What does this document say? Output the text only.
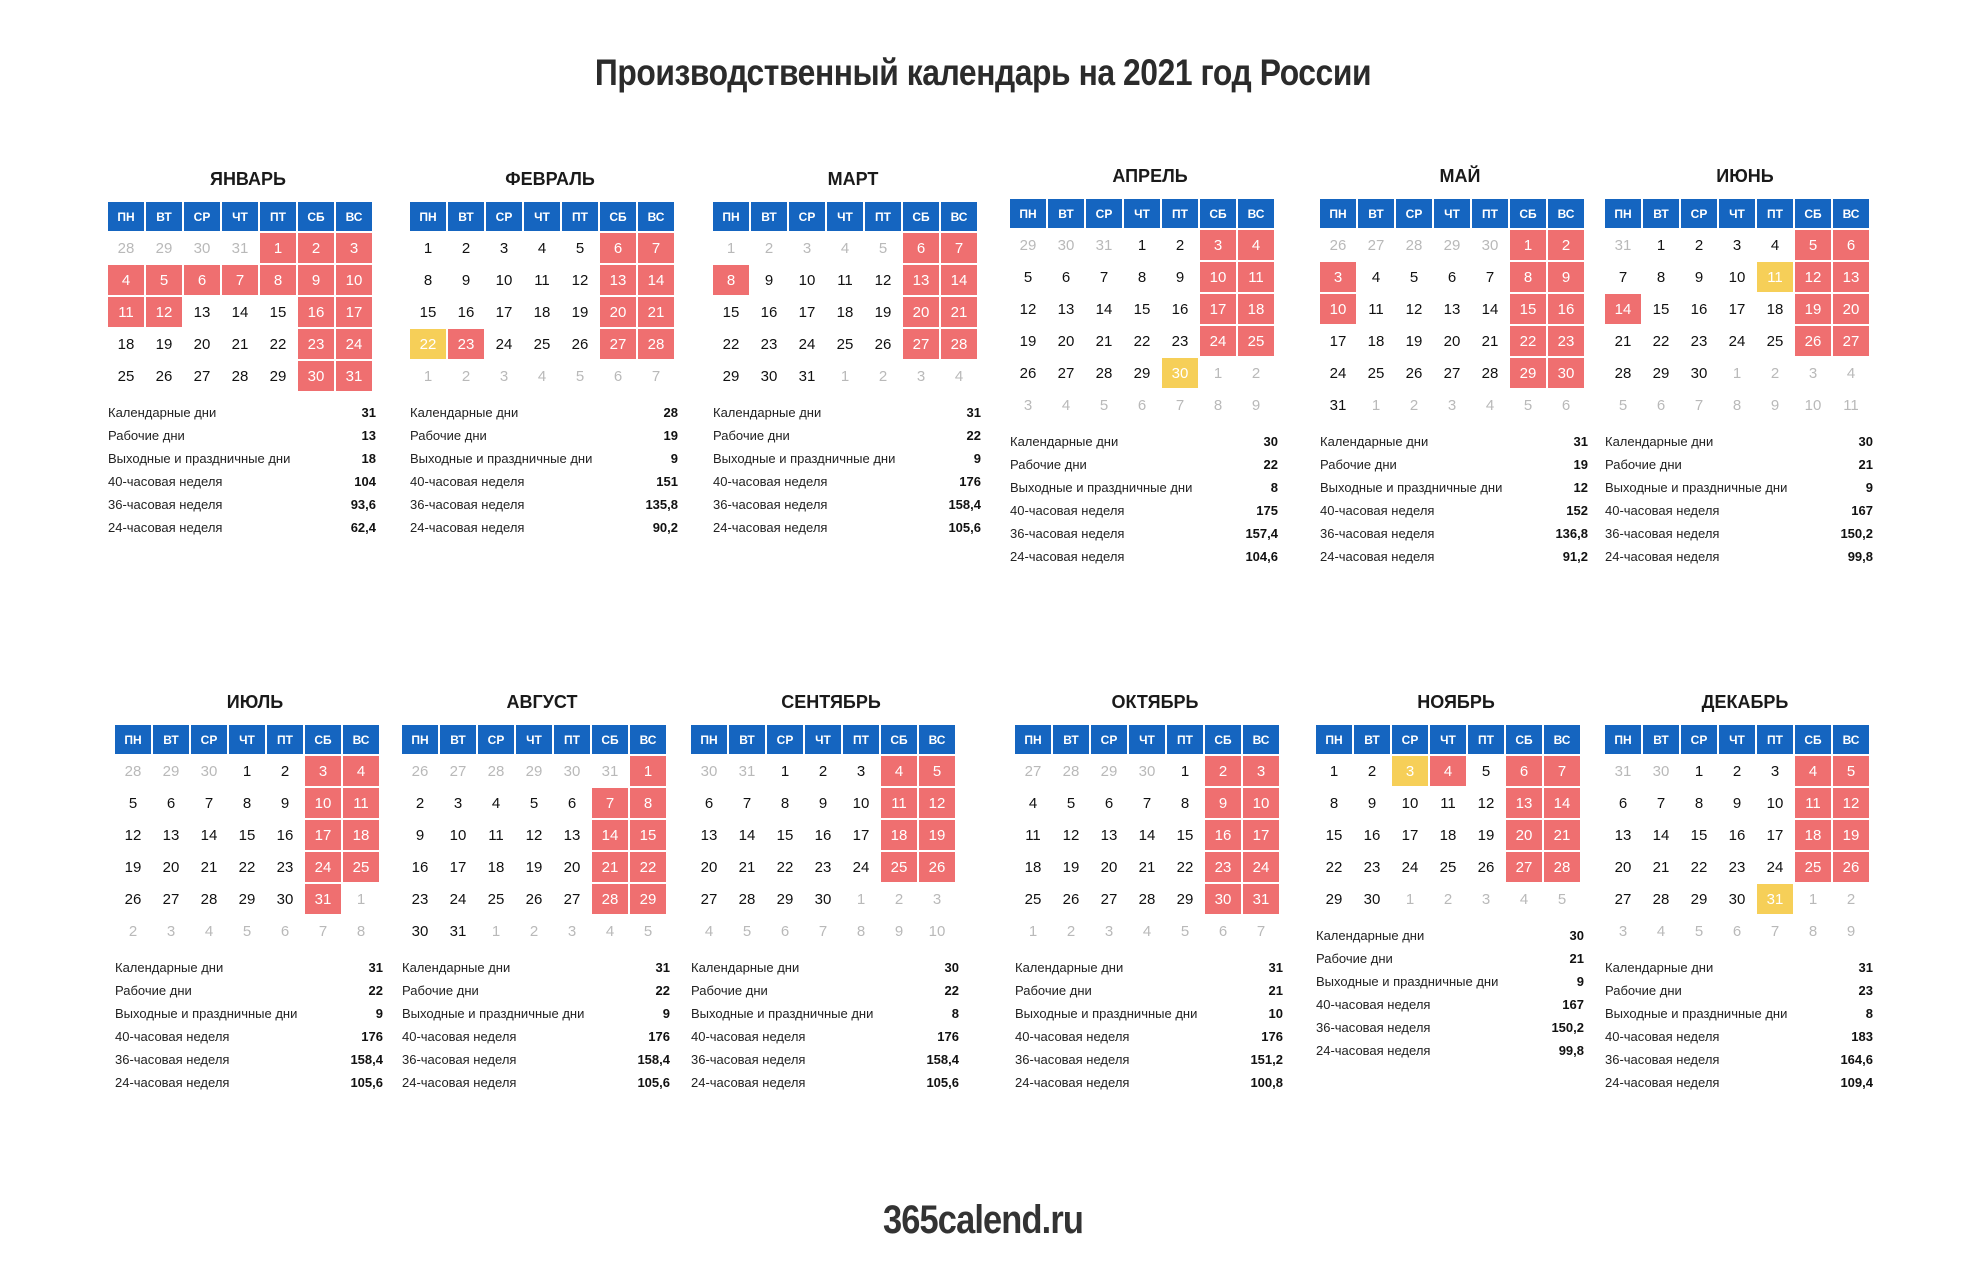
Производственный календарь на 2021 год России
ЯНВАРЬ
ПН	ВТ	СР	ЧТ	ПТ	СБ	ВС
28	29	30	31	1	2	3
4	5	6	7	8	9	10
11	12	13	14	15	16	17
18	19	20	21	22	23	24
25	26	27	28	29	30	31
Календарные дни	31
Рабочие дни	13
Выходные и праздничные дни	18
40-часовая неделя	104
36-часовая неделя	93,6
24-часовая неделя	62,4
ФЕВРАЛЬ
ПН	ВТ	СР	ЧТ	ПТ	СБ	ВС
1	2	3	4	5	6	7
8	9	10	11	12	13	14
15	16	17	18	19	20	21
22	23	24	25	26	27	28
1	2	3	4	5	6	7
Календарные дни	28
Рабочие дни	19
Выходные и праздничные дни	9
40-часовая неделя	151
36-часовая неделя	135,8
24-часовая неделя	90,2
МАРТ
ПН	ВТ	СР	ЧТ	ПТ	СБ	ВС
1	2	3	4	5	6	7
8	9	10	11	12	13	14
15	16	17	18	19	20	21
22	23	24	25	26	27	28
29	30	31	1	2	3	4
Календарные дни	31
Рабочие дни	22
Выходные и праздничные дни	9
40-часовая неделя	176
36-часовая неделя	158,4
24-часовая неделя	105,6
АПРЕЛЬ
ПН	ВТ	СР	ЧТ	ПТ	СБ	ВС
29	30	31	1	2	3	4
5	6	7	8	9	10	11
12	13	14	15	16	17	18
19	20	21	22	23	24	25
26	27	28	29	30	1	2
3	4	5	6	7	8	9
Календарные дни	30
Рабочие дни	22
Выходные и праздничные дни	8
40-часовая неделя	175
36-часовая неделя	157,4
24-часовая неделя	104,6
МАЙ
ПН	ВТ	СР	ЧТ	ПТ	СБ	ВС
26	27	28	29	30	1	2
3	4	5	6	7	8	9
10	11	12	13	14	15	16
17	18	19	20	21	22	23
24	25	26	27	28	29	30
31	1	2	3	4	5	6
Календарные дни	31
Рабочие дни	19
Выходные и праздничные дни	12
40-часовая неделя	152
36-часовая неделя	136,8
24-часовая неделя	91,2
ИЮНЬ
ПН	ВТ	СР	ЧТ	ПТ	СБ	ВС
31	1	2	3	4	5	6
7	8	9	10	11	12	13
14	15	16	17	18	19	20
21	22	23	24	25	26	27
28	29	30	1	2	3	4
5	6	7	8	9	10	11
Календарные дни	30
Рабочие дни	21
Выходные и праздничные дни	9
40-часовая неделя	167
36-часовая неделя	150,2
24-часовая неделя	99,8
ИЮЛЬ
ПН	ВТ	СР	ЧТ	ПТ	СБ	ВС
28	29	30	1	2	3	4
5	6	7	8	9	10	11
12	13	14	15	16	17	18
19	20	21	22	23	24	25
26	27	28	29	30	31	1
2	3	4	5	6	7	8
Календарные дни	31
Рабочие дни	22
Выходные и праздничные дни	9
40-часовая неделя	176
36-часовая неделя	158,4
24-часовая неделя	105,6
АВГУСТ
ПН	ВТ	СР	ЧТ	ПТ	СБ	ВС
26	27	28	29	30	31	1
2	3	4	5	6	7	8
9	10	11	12	13	14	15
16	17	18	19	20	21	22
23	24	25	26	27	28	29
30	31	1	2	3	4	5
Календарные дни	31
Рабочие дни	22
Выходные и праздничные дни	9
40-часовая неделя	176
36-часовая неделя	158,4
24-часовая неделя	105,6
СЕНТЯБРЬ
ПН	ВТ	СР	ЧТ	ПТ	СБ	ВС
30	31	1	2	3	4	5
6	7	8	9	10	11	12
13	14	15	16	17	18	19
20	21	22	23	24	25	26
27	28	29	30	1	2	3
4	5	6	7	8	9	10
Календарные дни	30
Рабочие дни	22
Выходные и праздничные дни	8
40-часовая неделя	176
36-часовая неделя	158,4
24-часовая неделя	105,6
ОКТЯБРЬ
ПН	ВТ	СР	ЧТ	ПТ	СБ	ВС
27	28	29	30	1	2	3
4	5	6	7	8	9	10
11	12	13	14	15	16	17
18	19	20	21	22	23	24
25	26	27	28	29	30	31
1	2	3	4	5	6	7
Календарные дни	31
Рабочие дни	21
Выходные и праздничные дни	10
40-часовая неделя	176
36-часовая неделя	151,2
24-часовая неделя	100,8
НОЯБРЬ
ПН	ВТ	СР	ЧТ	ПТ	СБ	ВС
1	2	3	4	5	6	7
8	9	10	11	12	13	14
15	16	17	18	19	20	21
22	23	24	25	26	27	28
29	30	1	2	3	4	5
Календарные дни	30
Рабочие дни	21
Выходные и праздничные дни	9
40-часовая неделя	167
36-часовая неделя	150,2
24-часовая неделя	99,8
ДЕКАБРЬ
ПН	ВТ	СР	ЧТ	ПТ	СБ	ВС
31	30	1	2	3	4	5
6	7	8	9	10	11	12
13	14	15	16	17	18	19
20	21	22	23	24	25	26
27	28	29	30	31	1	2
3	4	5	6	7	8	9
Календарные дни	31
Рабочие дни	23
Выходные и праздничные дни	8
40-часовая неделя	183
36-часовая неделя	164,6
24-часовая неделя	109,4
365calend.ru
